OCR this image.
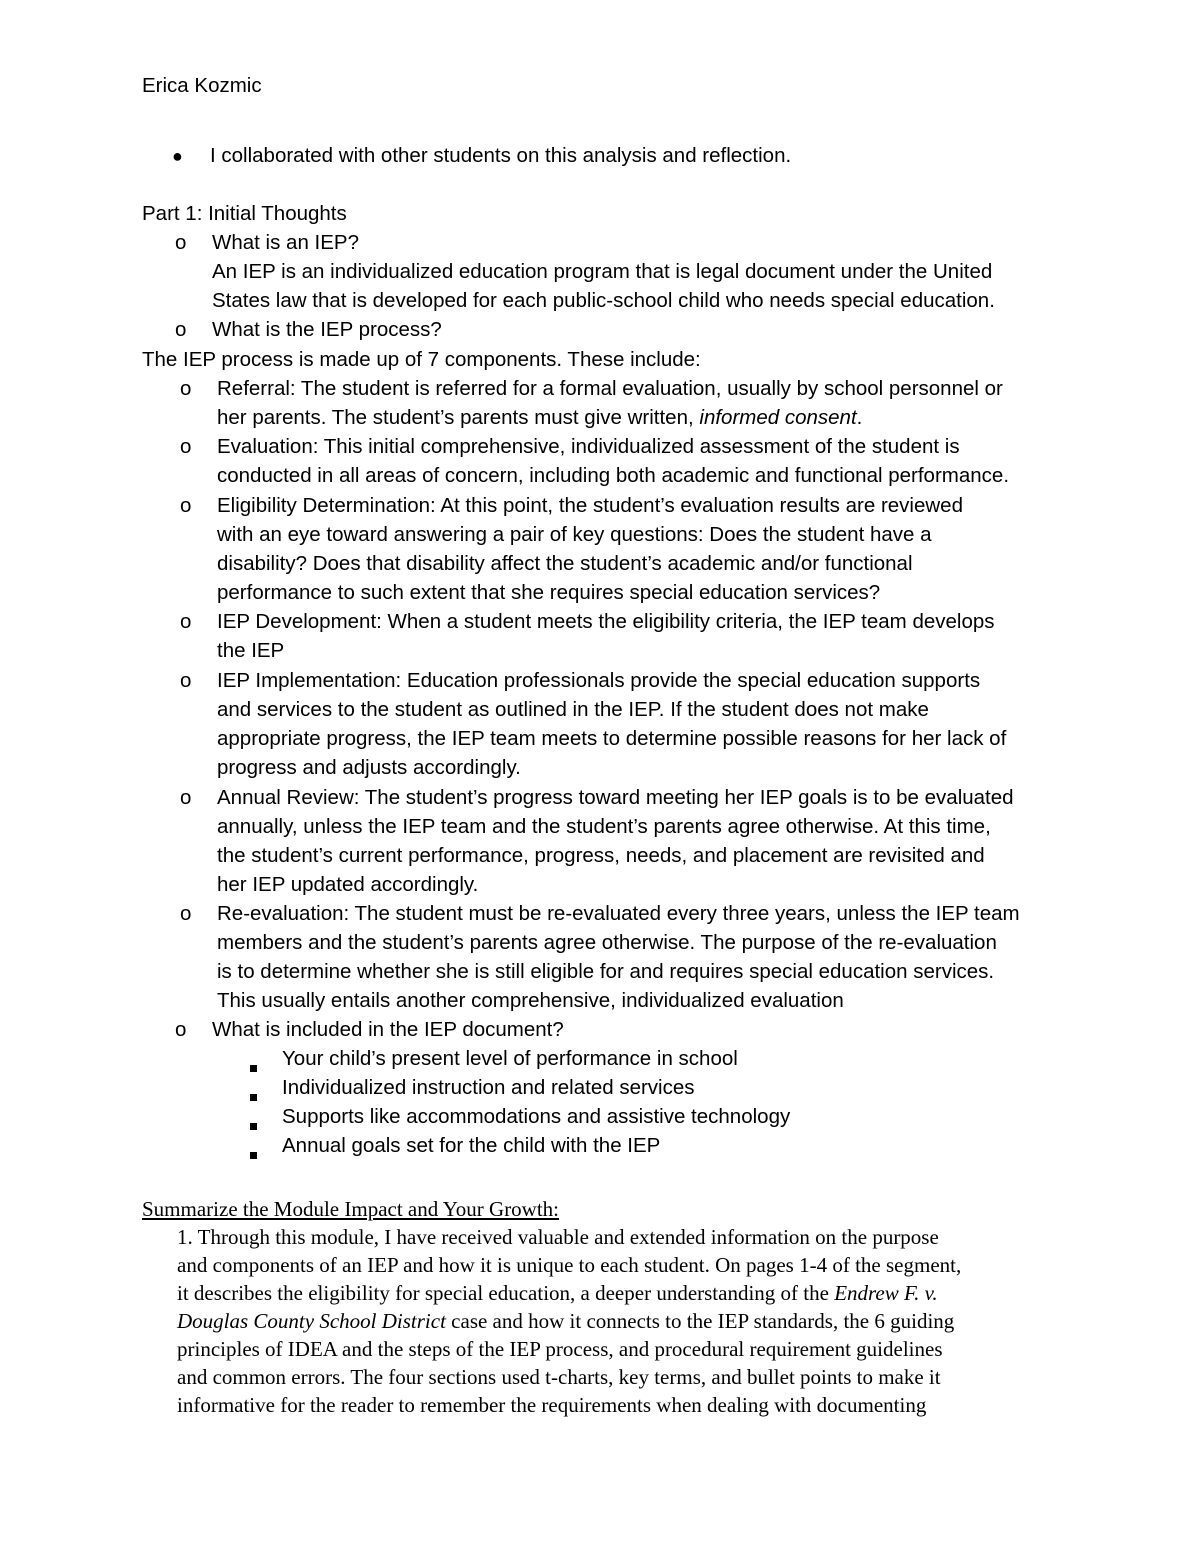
Erica Kozmic
● I collaborated with other students on this analysis and reflection.
Part 1: Initial Thoughts
o What is an IEP?
An IEP is an individualized education program that is legal document under the United
States law that is developed for each public-school child who needs special education.
o What is the IEP process?
The IEP process is made up of 7 components. These include:
o Referral: The student is referred for a formal evaluation, usually by school personnel or
her parents. The student’s parents must give written, informed consent.
o Evaluation: This initial comprehensive, individualized assessment of the student is
conducted in all areas of concern, including both academic and functional performance.
o Eligibility Determination: At this point, the student’s evaluation results are reviewed
with an eye toward answering a pair of key questions: Does the student have a
disability? Does that disability affect the student’s academic and/or functional
performance to such extent that she requires special education services?
o IEP Development: When a student meets the eligibility criteria, the IEP team develops
the IEP
o IEP Implementation: Education professionals provide the special education supports
and services to the student as outlined in the IEP. If the student does not make
appropriate progress, the IEP team meets to determine possible reasons for her lack of
progress and adjusts accordingly.
o Annual Review: The student’s progress toward meeting her IEP goals is to be evaluated
annually, unless the IEP team and the student’s parents agree otherwise. At this time,
the student’s current performance, progress, needs, and placement are revisited and
her IEP updated accordingly.
o Re-evaluation: The student must be re-evaluated every three years, unless the IEP team
members and the student’s parents agree otherwise. The purpose of the re-evaluation
is to determine whether she is still eligible for and requires special education services.
This usually entails another comprehensive, individualized evaluation
o What is included in the IEP document?
Your child’s present level of performance in school
Individualized instruction and related services
Supports like accommodations and assistive technology
Annual goals set for the child with the IEP
Summarize the Module Impact and Your Growth:
1. Through this module, I have received valuable and extended information on the purpose
and components of an IEP and how it is unique to each student. On pages 1-4 of the segment,
it describes the eligibility for special education, a deeper understanding of the Endrew F. v.
Douglas County School District case and how it connects to the IEP standards, the 6 guiding
principles of IDEA and the steps of the IEP process, and procedural requirement guidelines
and common errors. The four sections used t-charts, key terms, and bullet points to make it
informative for the reader to remember the requirements when dealing with documenting
